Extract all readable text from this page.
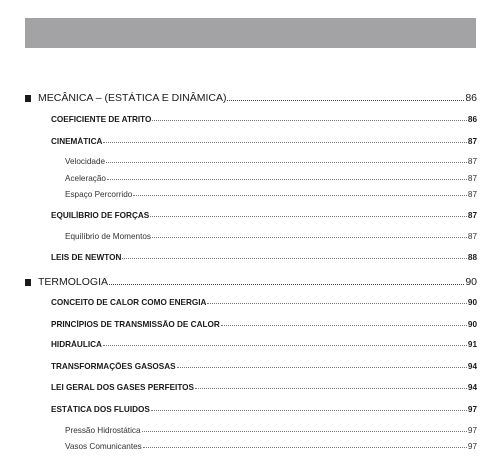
MECÂNICA – (ESTÁTICA E DINÂMICA)	86
COEFICIENTE DE ATRITO	86
CINEMÁTICA	87
Velocidade	87
Aceleração	87
Espaço Percorrido	87
EQUILÍBRIO DE FORÇAS	87
Equilíbrio de Momentos	87
LEIS DE NEWTON	88
TERMOLOGIA	90
CONCEITO DE CALOR COMO ENERGIA	90
PRINCÍPIOS DE TRANSMISSÃO DE CALOR	90
HIDRÁULICA	91
TRANSFORMAÇÕES GASOSAS	94
LEI GERAL DOS GASES PERFEITOS	94
ESTÁTICA DOS FLUIDOS	97
Pressão Hidrostática	97
Vasos Comunicantes	97
